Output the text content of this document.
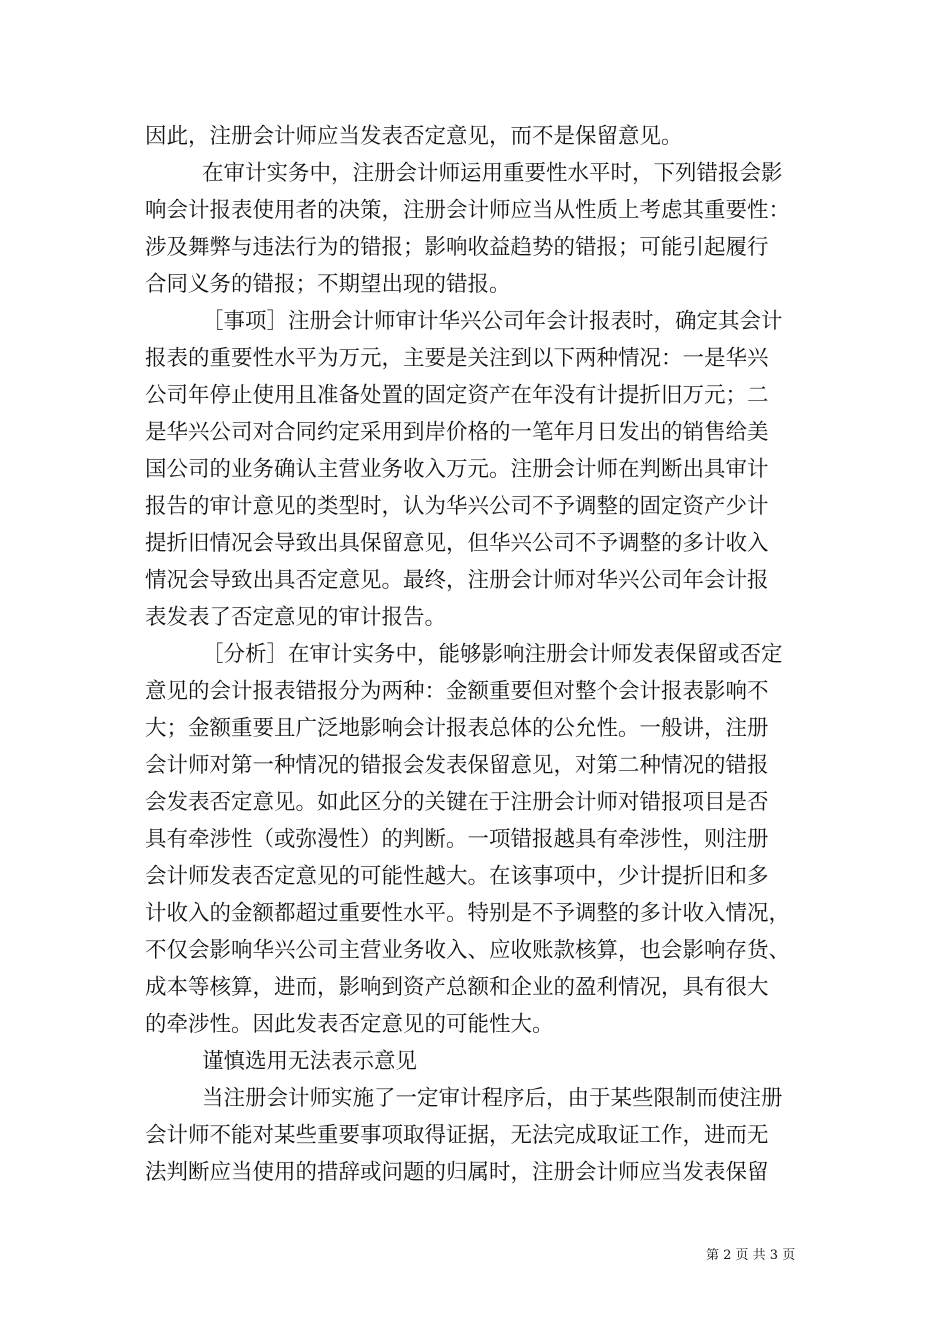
因此，注册会计师应当发表否定意见，而不是保留意见。
在审计实务中，注册会计师运用重要性水平时，下列错报会影
响会计报表使用者的决策，注册会计师应当从性质上考虑其重要性：
涉及舞弊与违法行为的错报；影响收益趋势的错报；可能引起履行
合同义务的错报；不期望出现的错报。
［事项］注册会计师审计华兴公司年会计报表时，确定其会计
报表的重要性水平为万元，主要是关注到以下两种情况：一是华兴
公司年停止使用且准备处置的固定资产在年没有计提折旧万元；二
是华兴公司对合同约定采用到岸价格的一笔年月日发出的销售给美
国公司的业务确认主营业务收入万元。注册会计师在判断出具审计
报告的审计意见的类型时，认为华兴公司不予调整的固定资产少计
提折旧情况会导致出具保留意见，但华兴公司不予调整的多计收入
情况会导致出具否定意见。最终，注册会计师对华兴公司年会计报
表发表了否定意见的审计报告。
［分析］在审计实务中，能够影响注册会计师发表保留或否定
意见的会计报表错报分为两种：金额重要但对整个会计报表影响不
大；金额重要且广泛地影响会计报表总体的公允性。一般讲，注册
会计师对第一种情况的错报会发表保留意见，对第二种情况的错报
会发表否定意见。如此区分的关键在于注册会计师对错报项目是否
具有牵涉性（或弥漫性）的判断。一项错报越具有牵涉性，则注册
会计师发表否定意见的可能性越大。在该事项中，少计提折旧和多
计收入的金额都超过重要性水平。特别是不予调整的多计收入情况，
不仅会影响华兴公司主营业务收入、应收账款核算，也会影响存货、
成本等核算，进而，影响到资产总额和企业的盈利情况，具有很大
的牵涉性。因此发表否定意见的可能性大。
谨慎选用无法表示意见
当注册会计师实施了一定审计程序后，由于某些限制而使注册
会计师不能对某些重要事项取得证据，无法完成取证工作，进而无
法判断应当使用的措辞或问题的归属时，注册会计师应当发表保留
第 2 页 共 3 页
